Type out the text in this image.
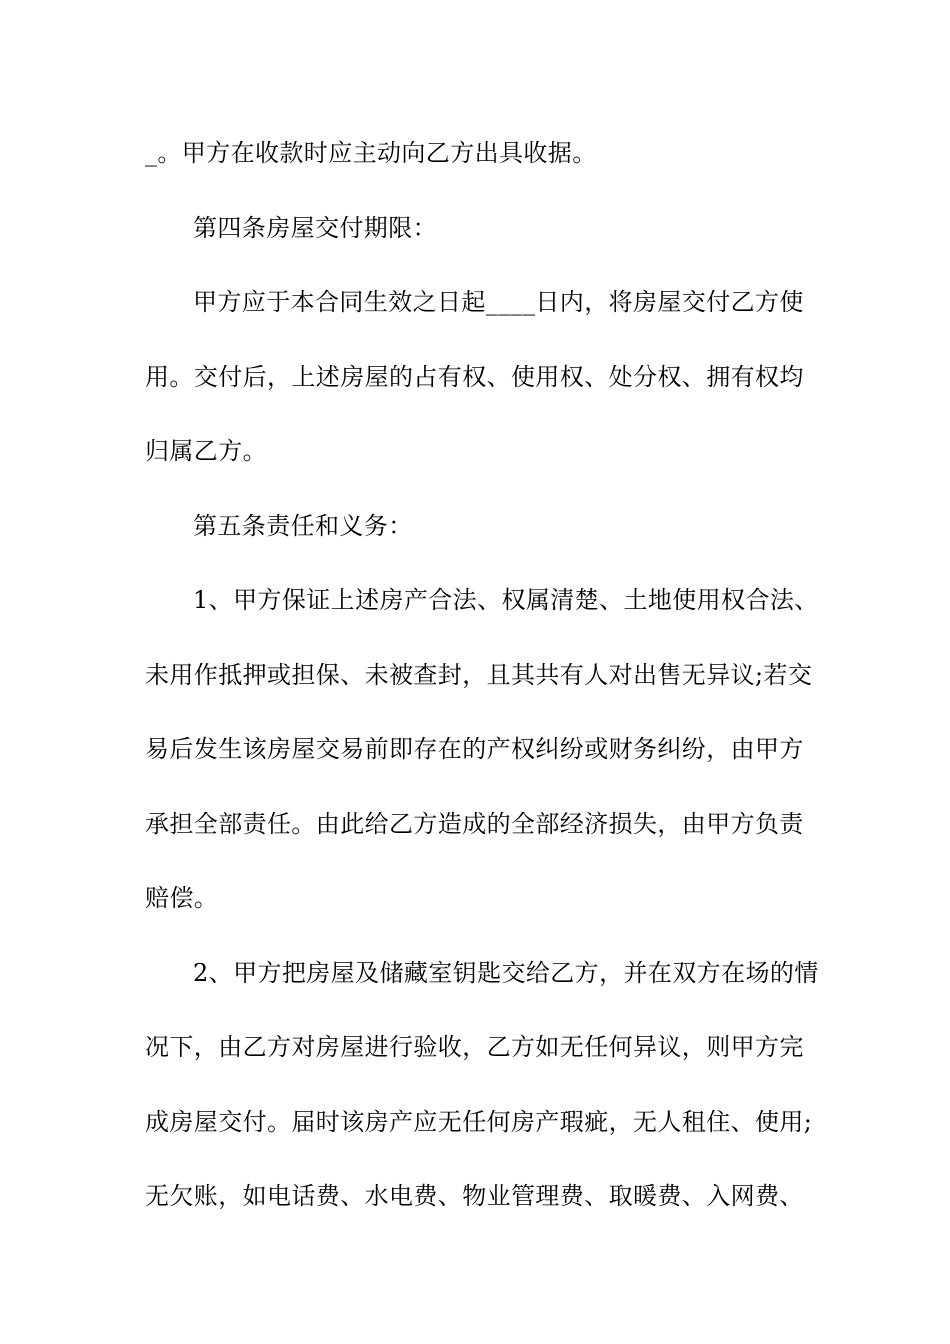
_。甲方在收款时应主动向乙方出具收据。
第四条房屋交付期限：
甲方应于本合同生效之日起____日内，将房屋交付乙方使
用。交付后，上述房屋的占有权、使用权、处分权、拥有权均
归属乙方。
第五条责任和义务：
1、甲方保证上述房产合法、权属清楚、土地使用权合法、
未用作抵押或担保、未被查封，且其共有人对出售无异议;若交
易后发生该房屋交易前即存在的产权纠纷或财务纠纷，由甲方
承担全部责任。由此给乙方造成的全部经济损失，由甲方负责
赔偿。
2、甲方把房屋及储藏室钥匙交给乙方，并在双方在场的情
况下，由乙方对房屋进行验收，乙方如无任何异议，则甲方完
成房屋交付。届时该房产应无任何房产瑕疵，无人租住、使用;
无欠账，如电话费、水电费、物业管理费、取暖费、入网费、
